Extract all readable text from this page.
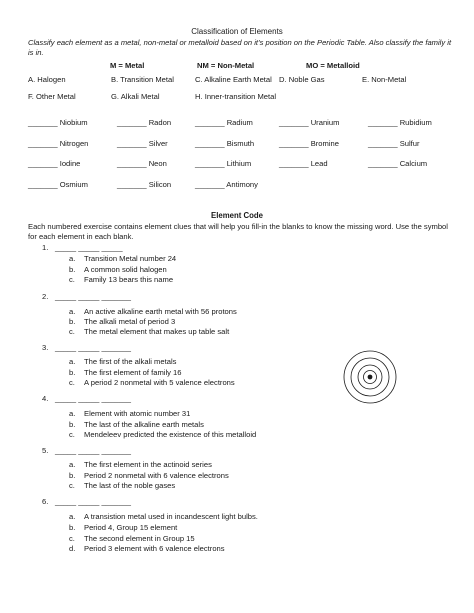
Classification of Elements
Classify each element as a metal, non-metal or metalloid based on it’s position on the Periodic Table. Also classify the family it is in.
M = Metal	NM = Non-Metal	MO = Metalloid
A. Halogen	B. Transition Metal	C. Alkaline Earth Metal D. Noble Gas	E. Non-Metal
F. Other Metal	G. Alkali Metal	H. Inner-transition Metal
_______ Niobium	_______ Radon	_______ Radium	_______ Uranium	_______ Rubidium
_______ Nitrogen	_______ Silver	_______ Bismuth	_______ Bromine	_______ Sulfur
_______ Iodine	_______ Neon	_______ Lithium	_______ Lead	_______ Calcium
_______ Osmium	_______ Silicon	_______ Antimony
Element Code
Each numbered exercise contains element clues that will help you fill-in the blanks to know the missing word. Use the symbol for each element in each blank.
1. _____ _____ _____
a. Transition Metal number 24
b. A common solid halogen
c. Family 13 bears this name
2. _____ _____ _______
a. An active alkaline earth metal with 56 protons
b. The alkali metal of period 3
c. The metal element that makes up table salt
3. _____ _____ _______
a. The first of the alkali metals
b. The first element of family 16
c. A period 2 nonmetal with 5 valence electrons
4. _____ _____ _______
a. Element with atomic number 31
b. The last of the alkaline earth metals
c. Mendeleev predicted the existence of this metalloid
5. _____ _____ _______
a. The first element in the actinoid series
b. Period 2 nonmetal with 6 valence electrons
c. The last of the noble gases
6. _____ _____ _______
a. A transistion metal used in incandescent light bulbs.
b. Period 4, Group 15 element
c. The second element in Group 15
d. Period 3 element with 6 valence electrons
